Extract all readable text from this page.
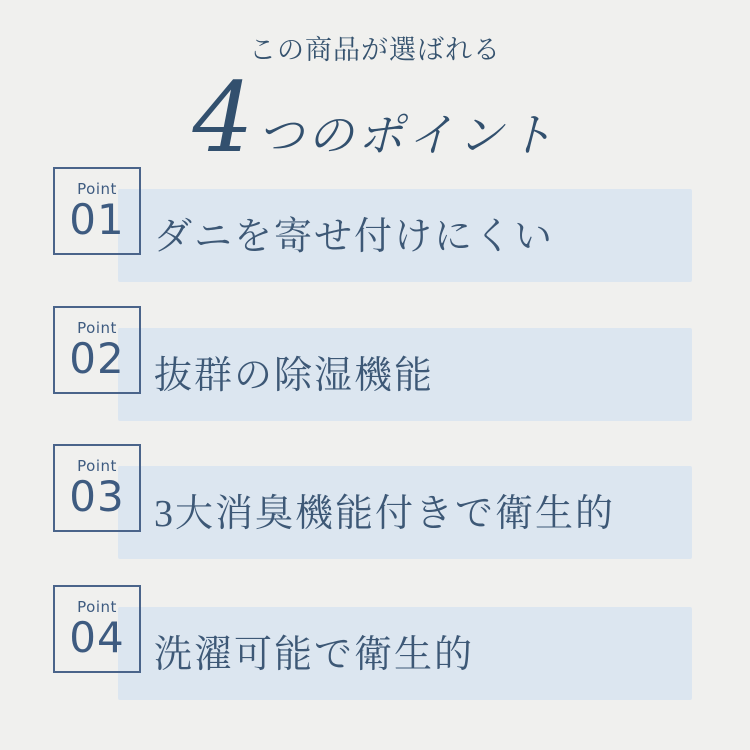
この商品が選ばれる
4 つのポイント
ダニを寄せ付けにくい
Point
01
抜群の除湿機能
Point
02
3大消臭機能付きで衛生的
Point
03
洗濯可能で衛生的
Point
04
